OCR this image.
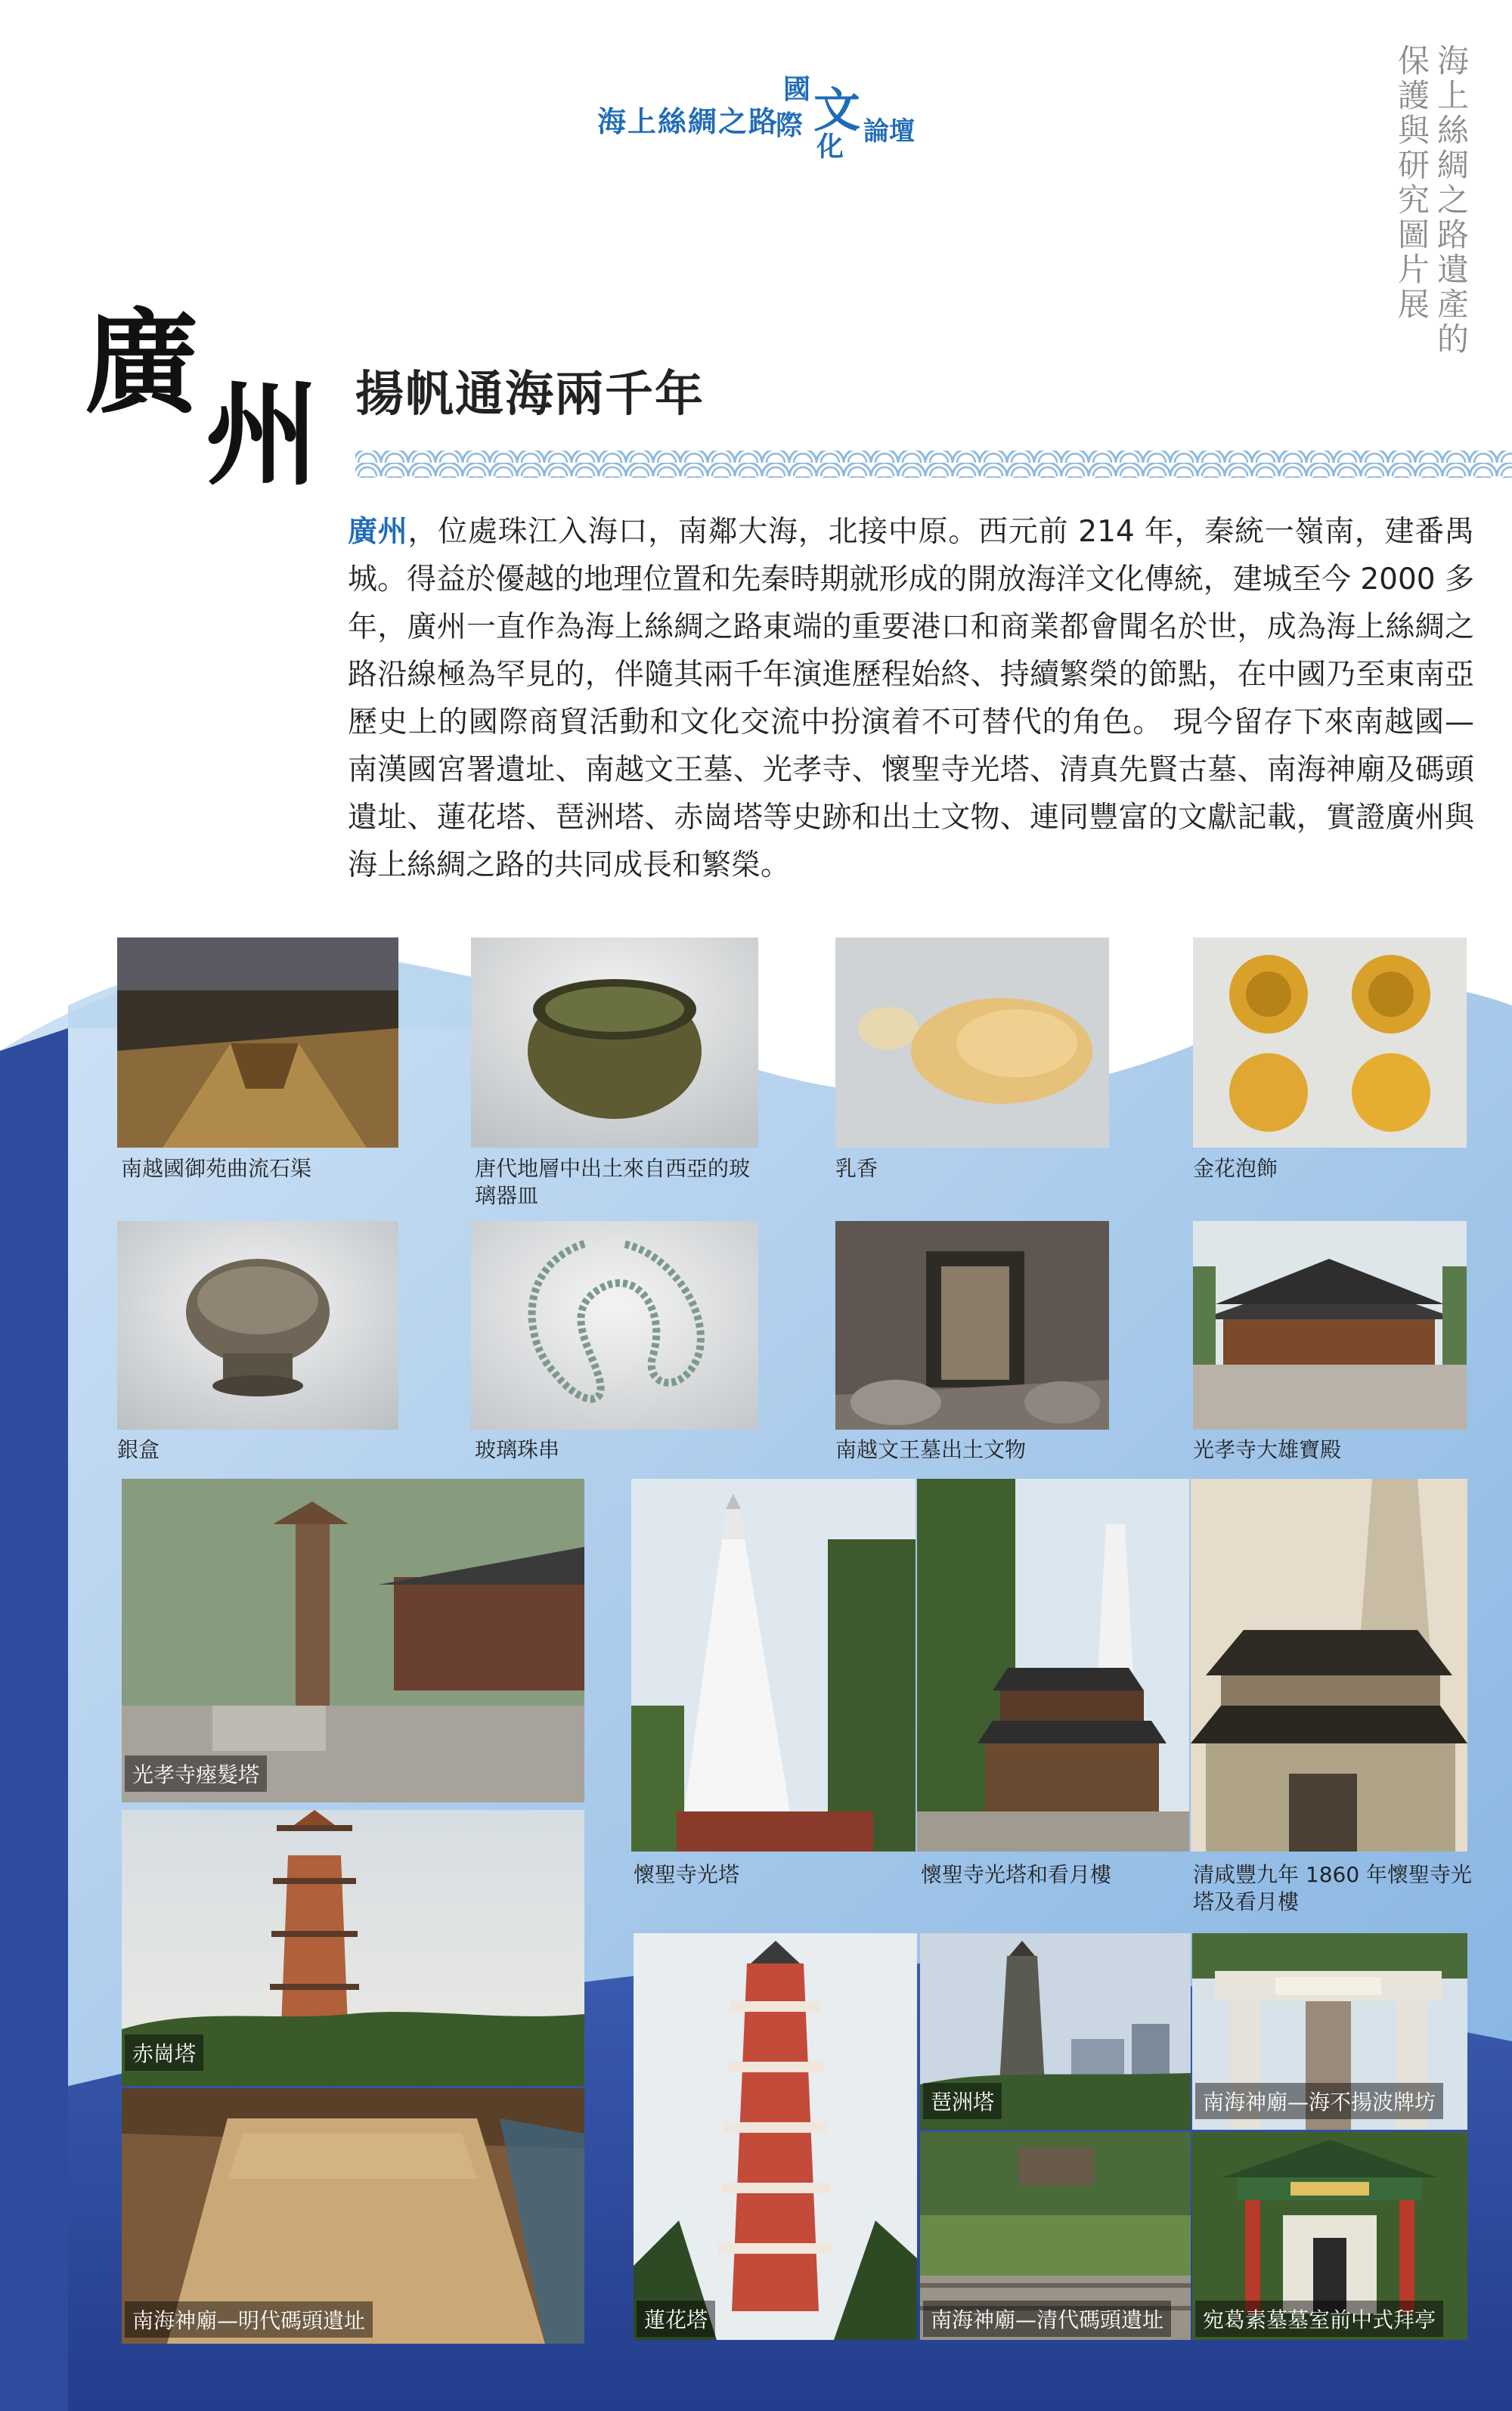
海上絲綢之路
國
際 文
化 論壇	海上絲綢之路遺產的
保護與研究圖片展
廣
州 揚帆通海兩千年
廣州，位處珠江入海口，南鄰大海，北接中原。西元前 214 年，秦統一嶺南，建番禺城。得益於優越的地理位置和先秦時期就形成的開放海洋文化傳統，建城至今 2000 多年，廣州一直作為海上絲綢之路東端的重要港口和商業都會聞名於世，成為海上絲綢之路沿線極為罕見的，伴隨其兩千年演進歷程始終、持續繁榮的節點，在中國乃至東南亞歷史上的國際商貿活動和文化交流中扮演着不可替代的角色。 現今留存下來南越國—南漢國宮署遺址、南越文王墓、光孝寺、懷聖寺光塔、清真先賢古墓、南海神廟及碼頭遺址、蓮花塔、琶洲塔、赤崗塔等史跡和出土文物、連同豐富的文獻記載，實證廣州與海上絲綢之路的共同成長和繁榮。
南越國御苑曲流石渠	唐代地層中出土來自西亞的玻璃器皿
乳香	金花泡飾
銀盒	玻璃珠串	南越文王墓出土文物	光孝寺大雄寶殿
光孝寺瘞髮塔
赤崗塔
南海神廟—明代碼頭遺址
懷聖寺光塔	懷聖寺光塔和看月樓	清咸豐九年 1860 年懷聖寺光塔及看月樓
蓮花塔
琶洲塔	南海神廟—海不揚波牌坊
南海神廟—清代碼頭遺址	宛葛素墓墓室前中式拜亭
